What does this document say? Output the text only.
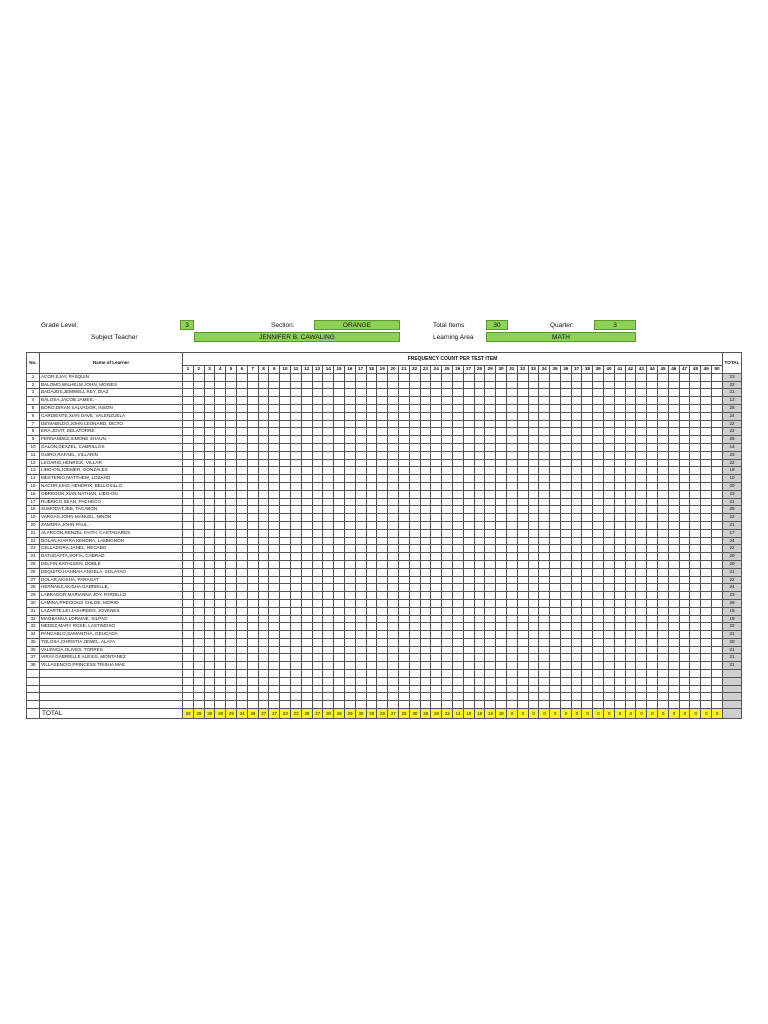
Grade Level:	3	Section:	ORANGE	Total Items	30	Quarter:	3
Subject Teacher	JENNIFER B. CAWALING	Learning Area	MATH
No.	Name of Learner	FREQUENCY COUNT PER TEST ITEM																																																		TOTAL
		1	2	3	4	5	6	7	8	9	10	11	12	13	14	15	16	17	18	19	20	21	22	23	24	25	26	27	28	29	30	31	32	33	34	35	36	37	38	39	40	41	42	43	44	45	46	47	48	49	50	
1	ACOR,EJAY, PASQUIN																																																			23
2	BALOMO,WILHELM JOHN, MOISES																																																			22
3	BADAJOS,JEMWELL REY, DIAZ																																																			21
4	BALOSA,JACOB JAMES, -																																																			12
5	BORO,DIRAN SALVADOR, INSON																																																			25
6	CARDIENTE,XIAN DAVE, VALENZUELA																																																			24
7	DE'MABILDO,JOHN LEONARD, DICTO																																																			22
8	ERA,JOVIT, DELATORRE																																																			22
9	FERNANDEZ,SIMONE SHAUN, -																																																			25
10	GALON,DEXZEL, CABRILLOS																																																			14
11	GUIRO,RAFAEL, VILLARIN																																																			23
12	LEGARIO,HENRICK, VILLAR																																																			22
13	LIBO-ON,JOEMER, GONZALES																																																			18
14	MESTERIO,MATTHEW, LOZANO																																																			10
15	NACOR,KING HENDRIX, BELLOSILLO																																																			20
16	OBREGON,XIAN NATHAN, LIBO-ON																																																			23
17	RUBRICO,SEAN, PACHECO																																																			21
18	SUMODAT,JEB, TACABON																																																			25
19	VARGAS,JOHN MANUEL, NINON																																																			22
20	ZAMORA,JOHN PAUL, -																																																			21
21	ALARCON,RENZEL FAITH, CASTANARES																																																			17
22	BOLAN,KIARRA KENDRA, LAMBONON																																																			24
23	CELLADORA,JANEL, RECABO																																																			22
24	DATUDAYTA,SOFIA, CABRAD																																																			20
25	DELFIN,KATHLEEN, DOBLE																																																			20
26	DEQUITO,HANNAH ANGELA, SOLAYAO																																																			21
27	DOLAR,AKISHA, PARAGAT																																																			22
28	HERNAEZ,AKISHA GABRIELLE, -																																																			24
29	LABRADOR,MARIANNA JOY, PARDILLO																																																			23
30	LAMINA,PRECIOUS CHLOE, MORIO																																																			26
31	LAZARTE,LEI JASHREEN, JOVENES																																																			15
32	MAGBANUA,LORAINE, SILPAO																																																			19
33	MEDEZ,MARY ROSE, LASTIMOSO																																																			22
34	PANCABLO,SAMANTHA, GEUCADA																																																			21
35	TOLOSA,CHRISTIA JEWEL, ALAYA																																																			20
36	VALENCIA,OLIVES, TORRES																																																			21
37	VIRAY,GABRIELLE ALEXIS, MONTANEZ																																																			21
38	VILLASENCIO,PRINCESS TRISHA MAE																																																			21

	TOTAL	28	29	30	29	29	34	26	27	27	23	23	30	27	30	26	29	30	30	29	27	25	30	28	28	22	14	18	18	19	18	0	0	0	0	0	0	0	0	0	0	0	0	0	0	0	0	0	0	0	0	
